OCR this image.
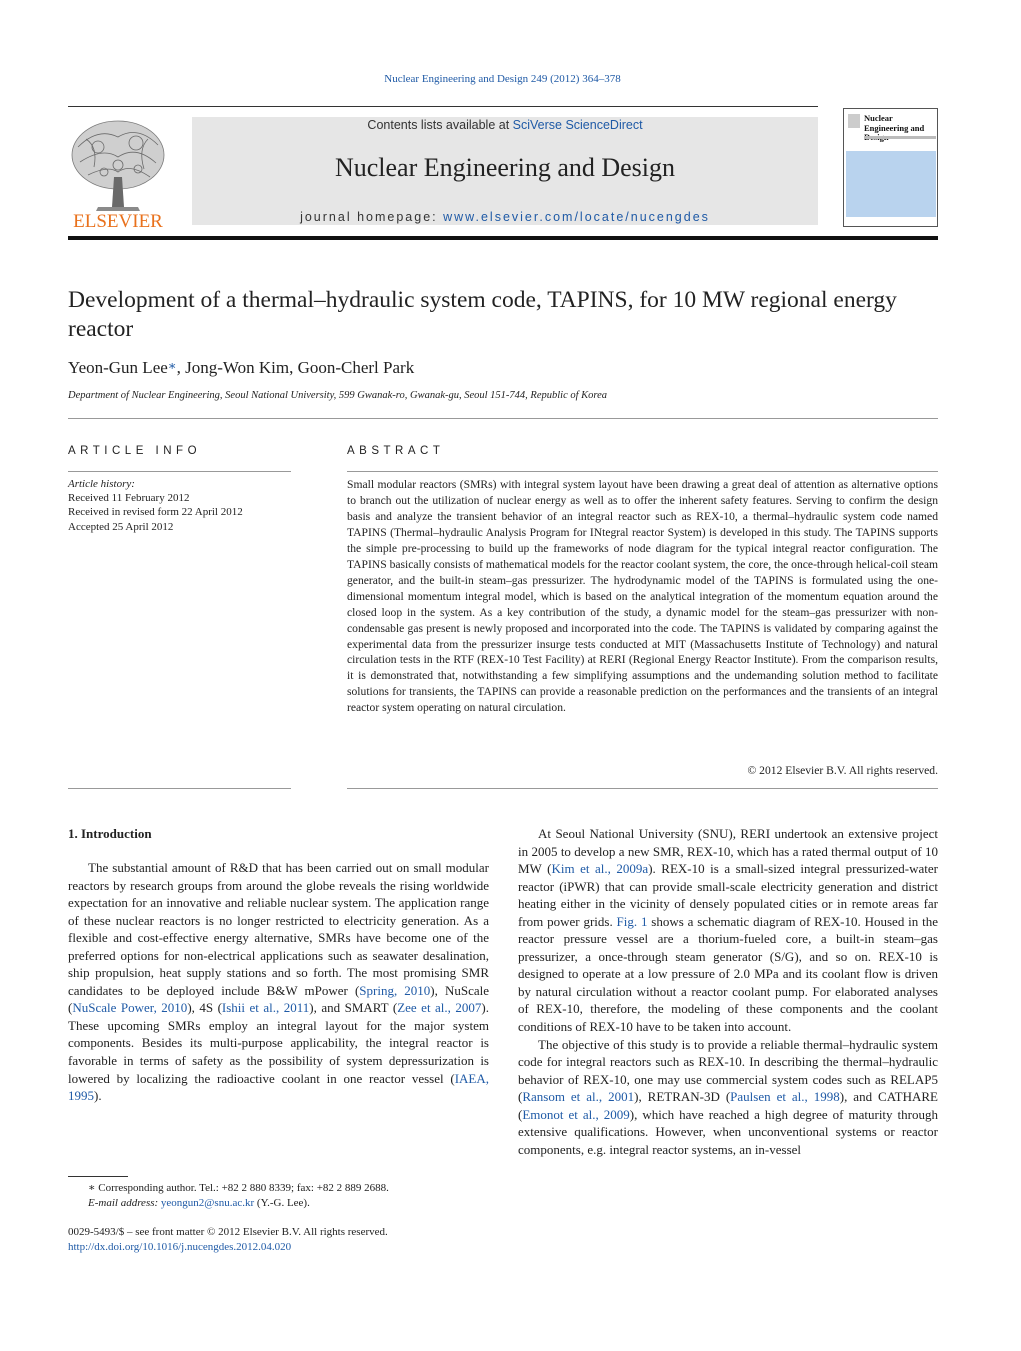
Nuclear Engineering and Design 249 (2012) 364–378
ELSEVIER
Contents lists available at SciVerse ScienceDirect
Nuclear Engineering and Design
journal homepage: www.elsevier.com/locate/nucengdes
Nuclear Engineering and
Development of a thermal–hydraulic system code, TAPINS, for 10 MW regional energy reactor
Yeon-Gun Lee∗, Jong-Won Kim, Goon-Cherl Park
Department of Nuclear Engineering, Seoul National University, 599 Gwanak-ro, Gwanak-gu, Seoul 151-744, Republic of Korea
ARTICLE INFO	ABSTRACT
Article history:
Received 11 February 2012
Received in revised form 22 April 2012
Accepted 25 April 2012
Small modular reactors (SMRs) with integral system layout have been drawing a great deal of attention as alternative options to branch out the utilization of nuclear energy as well as to offer the inherent safety features. Serving to confirm the design basis and analyze the transient behavior of an integral reactor such as REX-10, a thermal–hydraulic system code named TAPINS (Thermal–hydraulic Analysis Program for INtegral reactor System) is developed in this study. The TAPINS supports the simple pre-processing to build up the frameworks of node diagram for the typical integral reactor configuration. The TAPINS basically consists of mathematical models for the reactor coolant system, the core, the once-through helical-coil steam generator, and the built-in steam–gas pressurizer. The hydrodynamic model of the TAPINS is formulated using the one-dimensional momentum integral model, which is based on the analytical integration of the momentum equation around the closed loop in the system. As a key contribution of the study, a dynamic model for the steam–gas pressurizer with non-condensable gas present is newly proposed and incorporated into the code. The TAPINS is validated by comparing against the experimental data from the pressurizer insurge tests conducted at MIT (Massachusetts Institute of Technology) and natural circulation tests in the RTF (REX-10 Test Facility) at RERI (Regional Energy Reactor Institute). From the comparison results, it is demonstrated that, notwithstanding a few simplifying assumptions and the undemanding solution method to facilitate solutions for transients, the TAPINS can provide a reasonable prediction on the performances and the transients of an integral reactor system operating on natural circulation.
© 2012 Elsevier B.V. All rights reserved.
1. Introduction

The substantial amount of R&D that has been carried out on small modular reactors by research groups from around the globe reveals the rising worldwide expectation for an innovative and reliable nuclear system. The application range of these nuclear reactors is no longer restricted to electricity generation. As a flexible and cost-effective energy alternative, SMRs have become one of the preferred options for non-electrical applications such as seawater desalination, ship propulsion, heat supply stations and so forth. The most promising SMR candidates to be deployed include B&W mPower (Spring, 2010), NuScale (NuScale Power, 2010), 4S (Ishii et al., 2011), and SMART (Zee et al., 2007). These upcoming SMRs employ an integral layout for the major system components. Besides its multi-purpose applicability, the integral reactor is favorable in terms of safety as the possibility of system depressurization is lowered by localizing the radioactive coolant in one reactor vessel (IAEA, 1995).

At Seoul National University (SNU), RERI undertook an extensive project in 2005 to develop a new SMR, REX-10, which has a rated thermal output of 10 MW (Kim et al., 2009a). REX-10 is a small-sized integral pressurized-water reactor (iPWR) that can provide small-scale electricity generation and district heating either in the vicinity of densely populated cities or in remote areas far from power grids. Fig. 1 shows a schematic diagram of REX-10. Housed in the reactor pressure vessel are a thorium-fueled core, a built-in steam–gas pressurizer, a once-through steam generator (S/G), and so on. REX-10 is designed to operate at a low pressure of 2.0 MPa and its coolant flow is driven by natural circulation without a reactor coolant pump. For elaborated analyses of REX-10, therefore, the modeling of these components and the coolant conditions of REX-10 have to be taken into account.

The objective of this study is to provide a reliable thermal–hydraulic system code for integral reactors such as REX-10. In describing the thermal–hydraulic behavior of REX-10, one may use commercial system codes such as RELAP5 (Ransom et al., 2001), RETRAN-3D (Paulsen et al., 1998), and CATHARE (Emonot et al., 2009), which have reached a high degree of maturity through extensive qualifications. However, when unconventional systems or reactor components, e.g. integral reactor systems, an in-vessel

∗ Corresponding author. Tel.: +82 2 880 8339; fax: +82 2 889 2688.
E-mail address: yeongun2@snu.ac.kr (Y.-G. Lee).
0029-5493/$ – see front matter © 2012 Elsevier B.V. All rights reserved.
http://dx.doi.org/10.1016/j.nucengdes.2012.04.020
